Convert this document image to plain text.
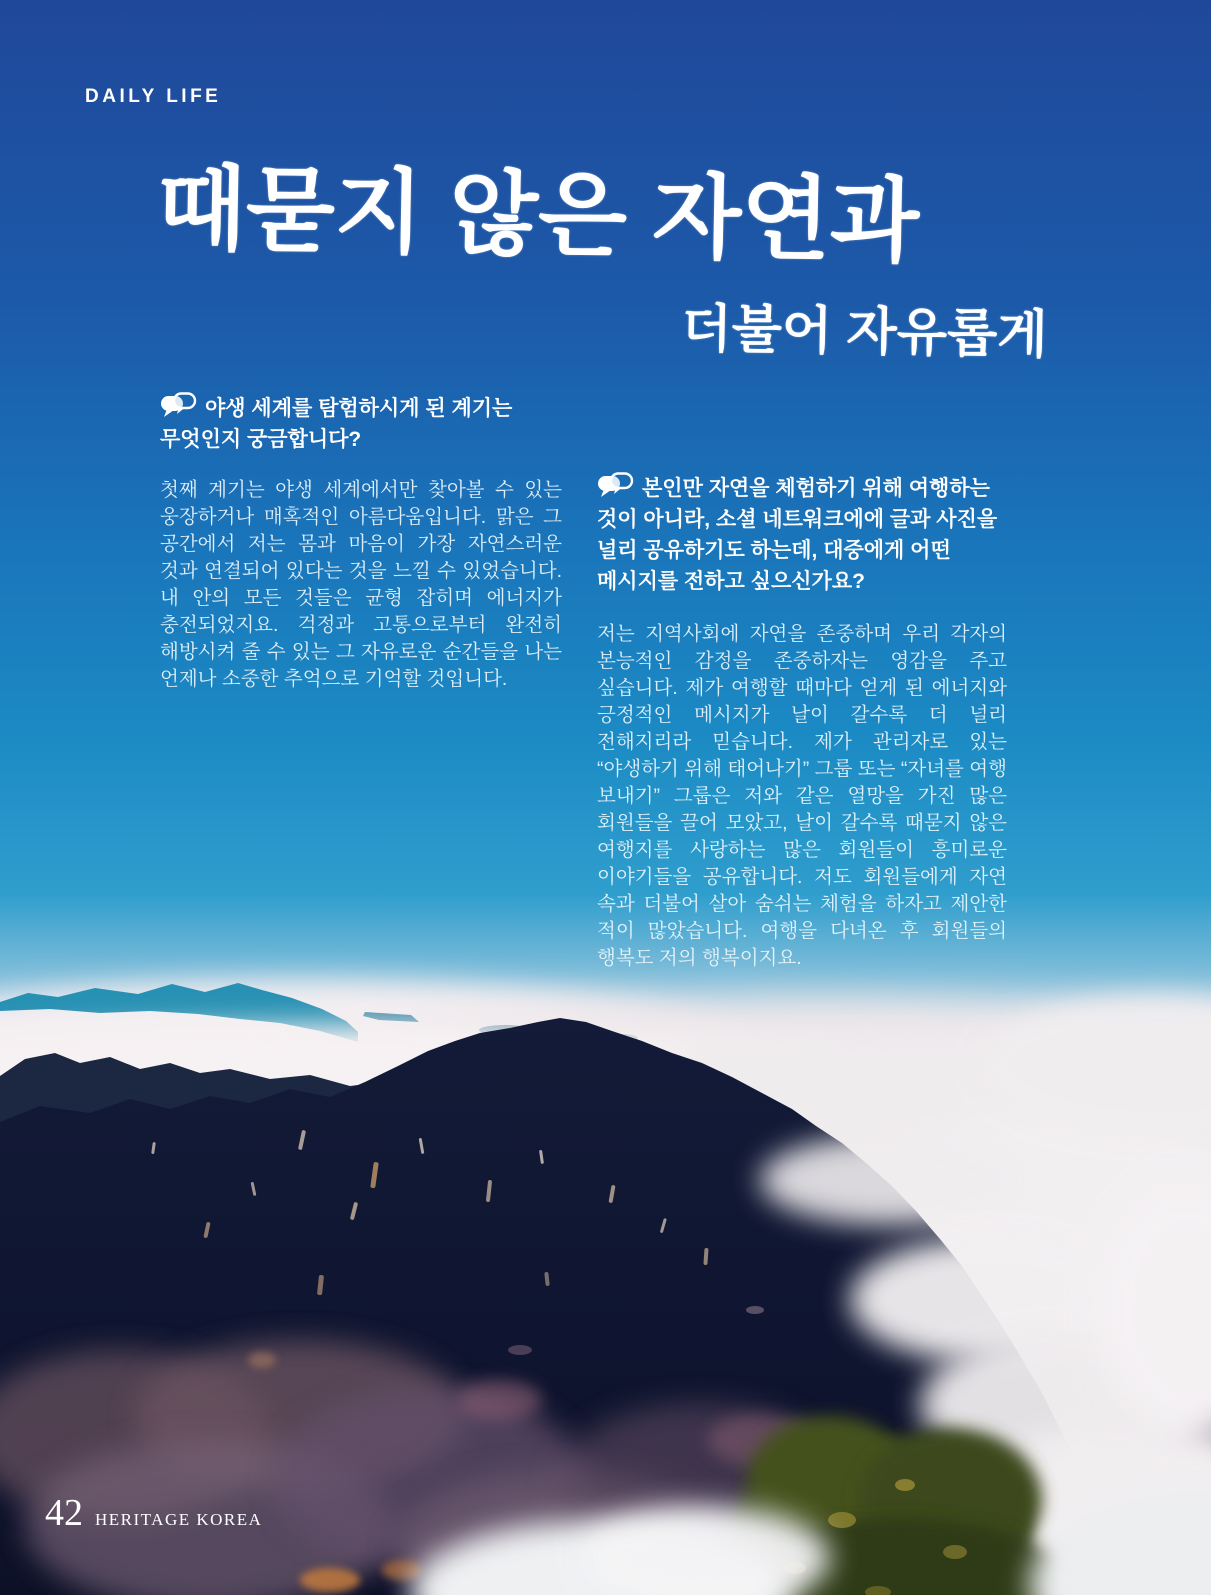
DAILY LIFE
때묻지 않은 자연과
더불어 자유롭게
야생 세계를 탐험하시게 된 계기는 무엇인지 궁금합니다?
첫째 계기는 야생 세계에서만 찾아볼 수 있는 웅장하거나 매혹적인 아름다움입니다. 맑은 그 공간에서 저는 몸과 마음이 가장 자연스러운 것과 연결되어 있다는 것을 느낄 수 있었습니다. 내 안의 모든 것들은 균형 잡히며 에너지가 충전되었지요. 걱정과 고통으로부터 완전히 해방시켜 줄 수 있는 그 자유로운 순간들을 나는 언제나 소중한 추억으로 기억할 것입니다.
본인만 자연을 체험하기 위해 여행하는 것이 아니라, 소셜 네트워크에에 글과 사진을 널리 공유하기도 하는데, 대중에게 어떤 메시지를 전하고 싶으신가요?
저는 지역사회에 자연을 존중하며 우리 각자의 본능적인 감정을 존중하자는 영감을 주고 싶습니다. 제가 여행할 때마다 얻게 된 에너지와 긍정적인 메시지가 날이 갈수록 더 널리 전해지리라 믿습니다. 제가 관리자로 있는 “야생하기 위해 태어나기” 그룹 또는 “자녀를 여행 보내기” 그룹은 저와 같은 열망을 가진 많은 회원들을 끌어 모았고, 날이 갈수록 때묻지 않은 여행지를 사랑하는 많은 회원들이 흥미로운 이야기들을 공유합니다. 저도 회원들에게 자연 속과 더불어 살아 숨쉬는 체험을 하자고 제안한 적이 많았습니다. 여행을 다녀온 후 회원들의 행복도 저의 행복이지요.
42 HERITAGE KOREA
